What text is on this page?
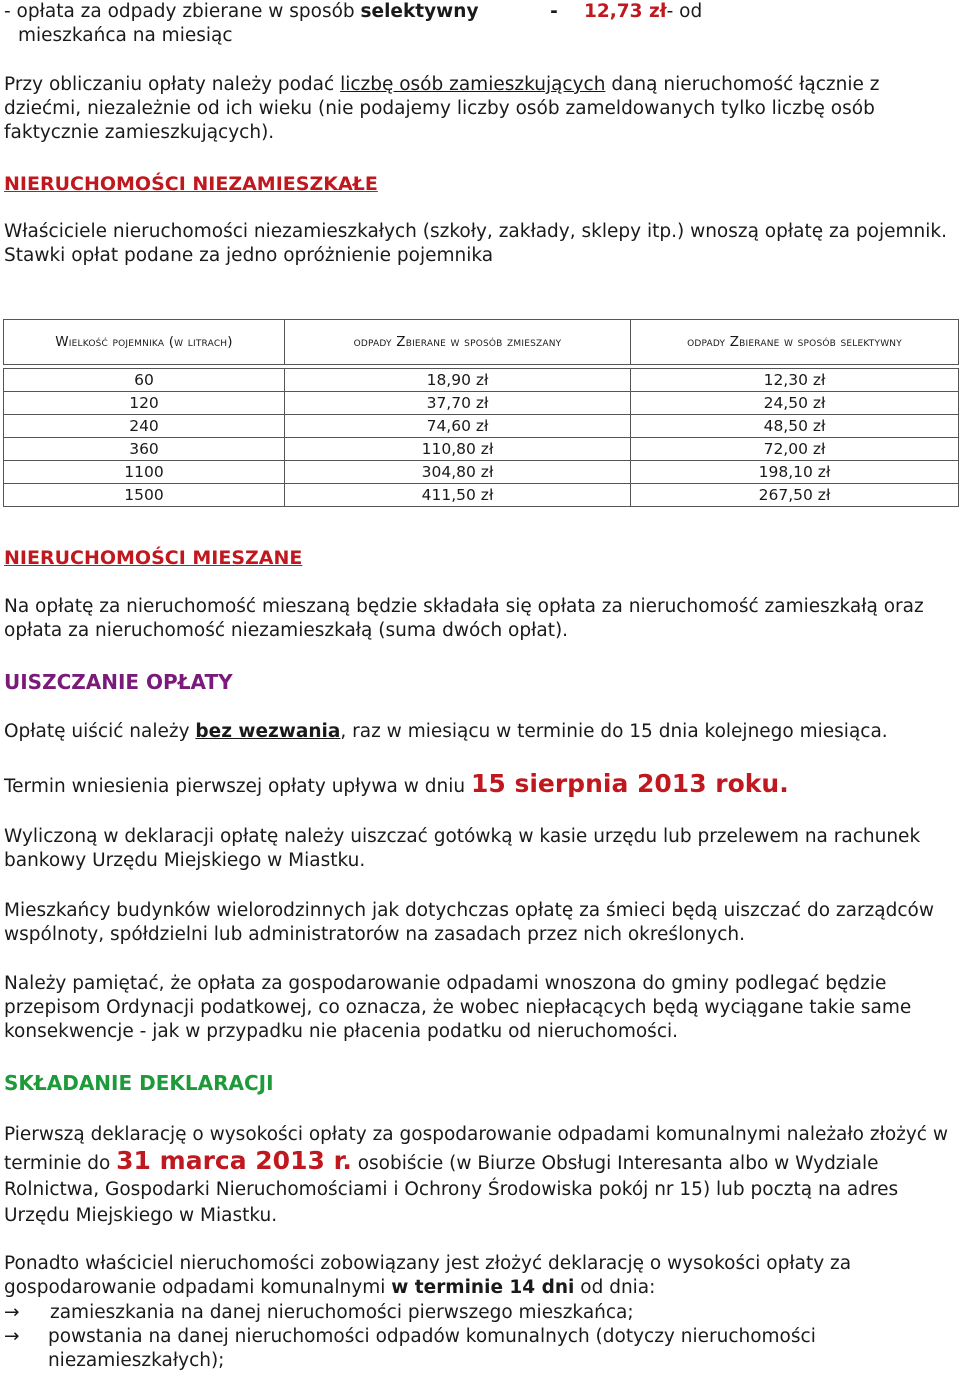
- opłata za odpady zbierane w sposób selektywny	-	12,73 zł - od
mieszkańca na miesiąc

Przy obliczaniu opłaty należy podać liczbę osób zamieszkujących daną nieruchomość łącznie z dziećmi, niezależnie od ich wieku (nie podajemy liczby osób zameldowanych tylko liczbę osób faktycznie zamieszkujących).

NIERUCHOMOŚCI NIEZAMIESZKAŁE

Właściciele nieruchomości niezamieszkałych (szkoły, zakłady, sklepy itp.) wnoszą opłatę za pojemnik. Stawki opłat podane za jedno opróżnienie pojemnika

Wielkość pojemnika (w litrach)	odpady Zbierane w sposób zmieszany	odpady Zbierane w sposób selektywny

60	18,90 zł	12,30 zł
120	37,70 zł	24,50 zł
240	74,60 zł	48,50 zł
360	110,80 zł	72,00 zł
1100	304,80 zł	198,10 zł
1500	411,50 zł	267,50 zł
NIERUCHOMOŚCI MIESZANE

Na opłatę za nieruchomość mieszaną będzie składała się opłata za nieruchomość zamieszkałą oraz opłata za nieruchomość niezamieszkałą (suma dwóch opłat).

UISZCZANIE OPŁATY

Opłatę uiścić należy bez wezwania, raz w miesiącu w terminie do 15 dnia kolejnego miesiąca.

Termin wniesienia pierwszej opłaty upływa w dniu 15 sierpnia 2013 roku.

Wyliczoną w deklaracji opłatę należy uiszczać gotówką w kasie urzędu lub przelewem na rachunek bankowy Urzędu Miejskiego w Miastku.

Mieszkańcy budynków wielorodzinnych jak dotychczas opłatę za śmieci będą uiszczać do zarządców wspólnoty, spółdzielni lub administratorów na zasadach przez nich określonych.

Należy pamiętać, że opłata za gospodarowanie odpadami wnoszona do gminy podlegać będzie przepisom Ordynacji podatkowej, co oznacza, że wobec niepłacących będą wyciągane takie same konsekwencje - jak w przypadku nie płacenia podatku od nieruchomości.

SKŁADANIE DEKLARACJI

Pierwszą deklarację o wysokości opłaty za gospodarowanie odpadami komunalnymi należało złożyć w terminie do 31 marca 2013 r. osobiście (w Biurze Obsługi Interesanta albo w Wydziale Rolnictwa, Gospodarki Nieruchomościami i Ochrony Środowiska pokój nr 15) lub pocztą na adres Urzędu Miejskiego w Miastku.

Ponadto właściciel nieruchomości zobowiązany jest złożyć deklarację o wysokości opłaty za gospodarowanie odpadami komunalnymi w terminie 14 dni od dnia:

→	zamieszkania na danej nieruchomości pierwszego mieszkańca;
→	powstania na danej nieruchomości odpadów komunalnych (dotyczy nieruchomości niezamieszkałych);
